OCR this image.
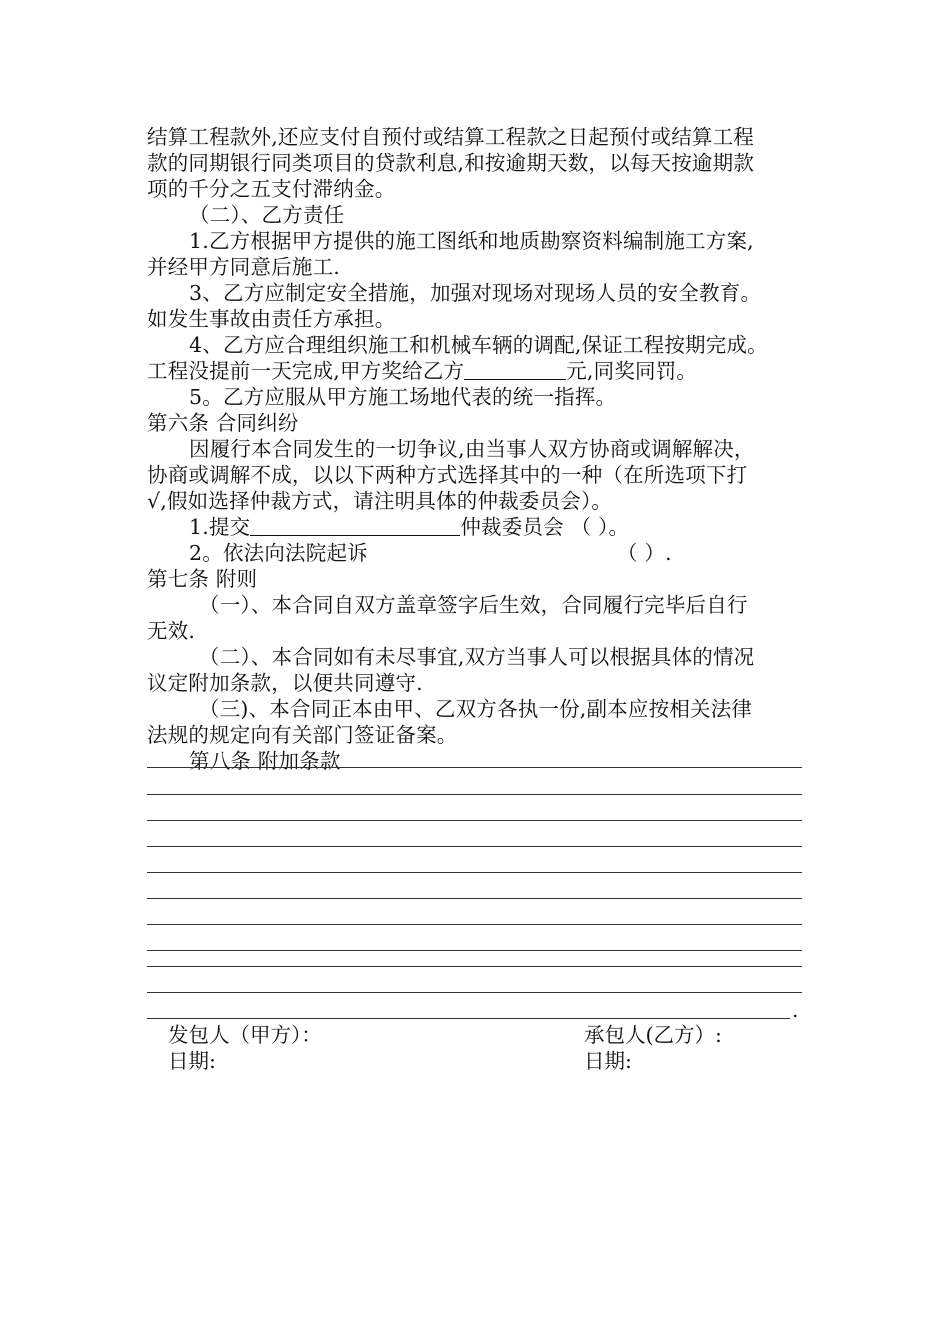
结算工程款外,还应支付自预付或结算工程款之日起预付或结算工程
款的同期银行同类项目的贷款利息,和按逾期天数，以每天按逾期款
项的千分之五支付滞纳金。
（二）、乙方责任
1.乙方根据甲方提供的施工图纸和地质勘察资料编制施工方案,
并经甲方同意后施工.
3、乙方应制定安全措施，加强对现场对现场人员的安全教育。
如发生事故由责任方承担。
4、乙方应合理组织施工和机械车辆的调配,保证工程按期完成。
工程没提前一天完成,甲方奖给乙方	元,同奖同罚。
5。乙方应服从甲方施工场地代表的统一指挥。
第六条 合同纠纷
因履行本合同发生的一切争议,由当事人双方协商或调解解决，
协商或调解不成，以以下两种方式选择其中的一种（在所选项下打
√,假如选择仲裁方式，请注明具体的仲裁委员会）。
1.提交	仲裁委员会 （ ）。
2。依法向法院起诉	（ ）.
第七条 附则
（一）、本合同自双方盖章签字后生效，合同履行完毕后自行
无效.
（二）、本合同如有未尽事宜,双方当事人可以根据具体的情况
议定附加条款，以便共同遵守.
（三)、本合同正本由甲、乙双方各执一份,副本应按相关法律
法规的规定向有关部门签证备案。
第八条 附加条款
.
发包人（甲方）：	承包人(乙方）:
日期:	日期:
